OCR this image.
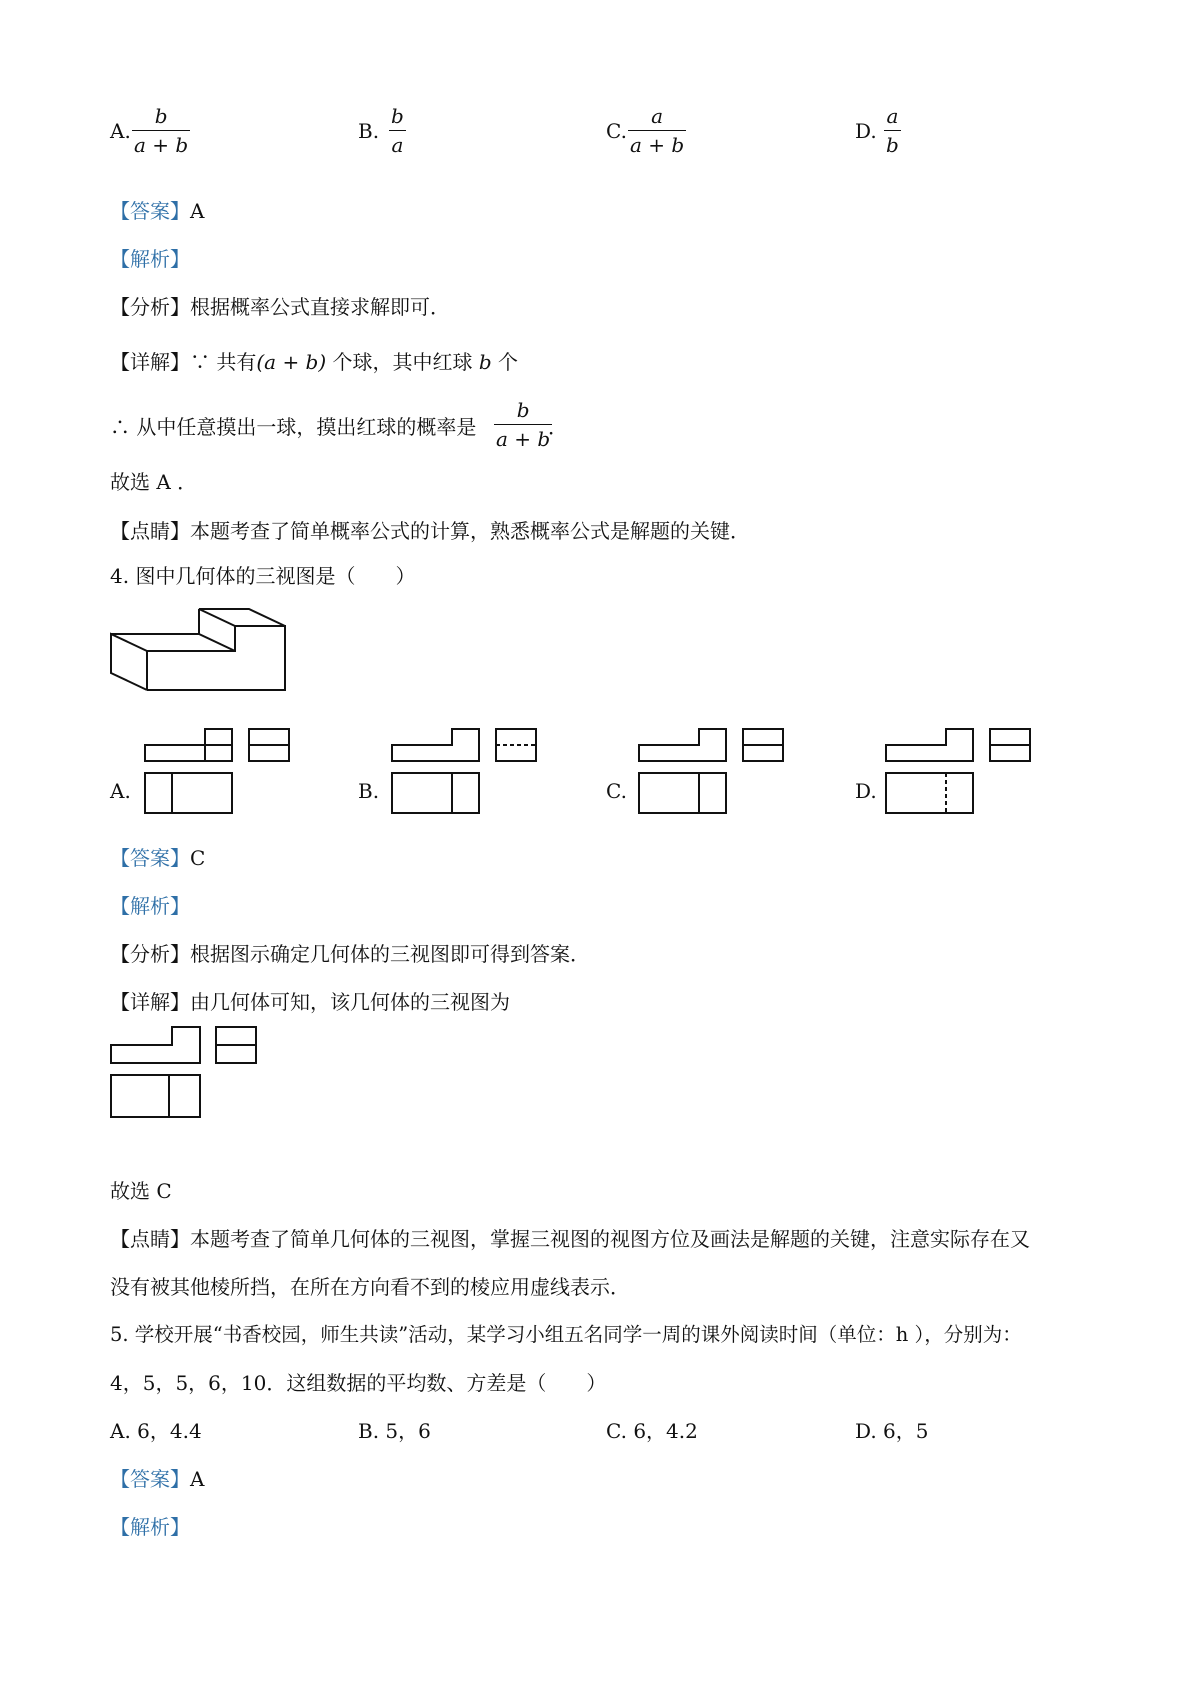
A.
b
a + b
B.
b
a
C.
a
a + b
D.
a
b
【答案】A
【解析】
【分析】根据概率公式直接求解即可．
【详解】∵ 共有(a + b) 个球，其中红球 b 个
∴ 从中任意摸出一球，摸出红球的概率是
b
a + b
．
故选 A ．
【点睛】本题考查了简单概率公式的计算，熟悉概率公式是解题的关键．
4. 图中几何体的三视图是（　　）
A.	B.	C.	D.
【答案】C
【解析】
【分析】根据图示确定几何体的三视图即可得到答案．
【详解】由几何体可知，该几何体的三视图为
故选 C
【点睛】本题考查了简单几何体的三视图，掌握三视图的视图方位及画法是解题的关键，注意实际存在又
没有被其他棱所挡，在所在方向看不到的棱应用虚线表示．
5. 学校开展“书香校园，师生共读”活动，某学习小组五名同学一周的课外阅读时间（单位：h ），分别为：
4，5，5，6，10．这组数据的平均数、方差是（　　）
A. 6，4.4	B. 5，6	C. 6，4.2	D. 6，5
【答案】A
【解析】
